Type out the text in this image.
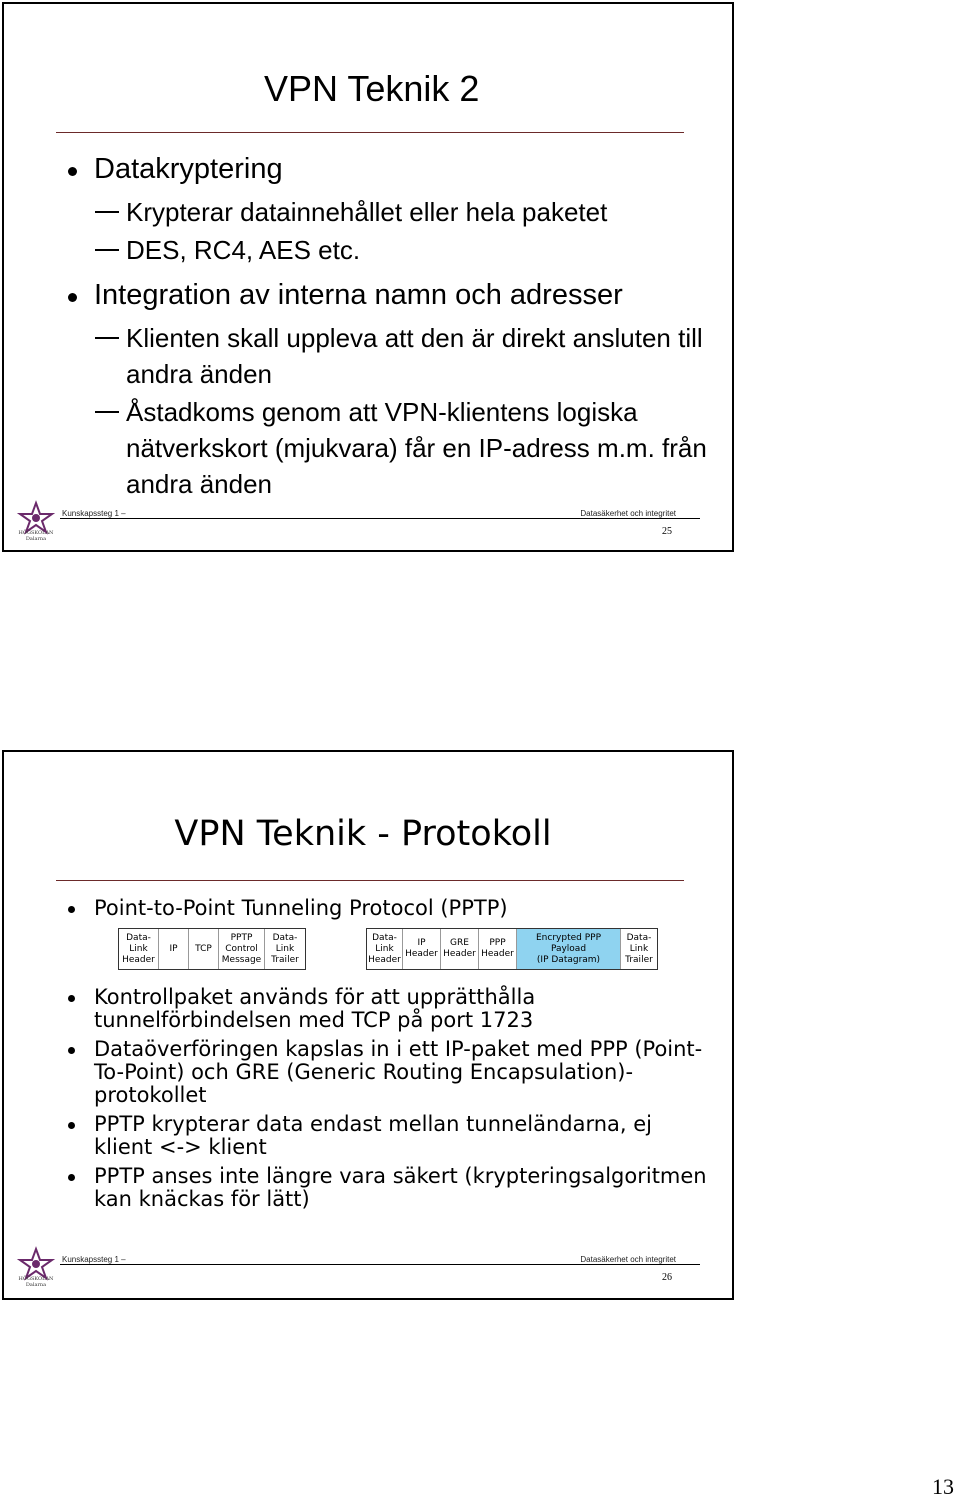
VPN Teknik 2
Datakryptering
Krypterar datainnehållet eller hela paketet
DES, RC4, AES etc.
Integration av interna namn och adresser
Klienten skall uppleva att den är direkt ansluten till andra änden
Åstadkoms genom att VPN-klientens logiska nätverkskort (mjukvara) får en IP-adress m.m. från andra änden
HÖGSKOLAN
Dalarna
Kunskapssteg 1 –	Datasäkerhet och integritet
25
VPN Teknik - Protokoll
Point-to-Point Tunneling Protocol (PPTP)
Data-
Link
Header
IP	TCP
PPTP
Control
Message
Data-
Link
Trailer
Data-
Link
Header
IP
Header
GRE
Header
PPP
Header
Encrypted PPP Payload
(IP Datagram)
Data-
Link
Trailer
Kontrollpaket används för att upprätthålla tunnelförbindelsen med TCP på port 1723
Dataöverföringen kapslas in i ett IP-paket med PPP (Point-To-Point) och GRE (Generic Routing Encapsulation)-protokollet
PPTP krypterar data endast mellan tunneländarna, ej klient <-> klient
PPTP anses inte längre vara säkert (krypteringsalgoritmen kan knäckas för lätt)
HÖGSKOLAN
Dalarna
Kunskapssteg 1 –	Datasäkerhet och integritet
26
13
